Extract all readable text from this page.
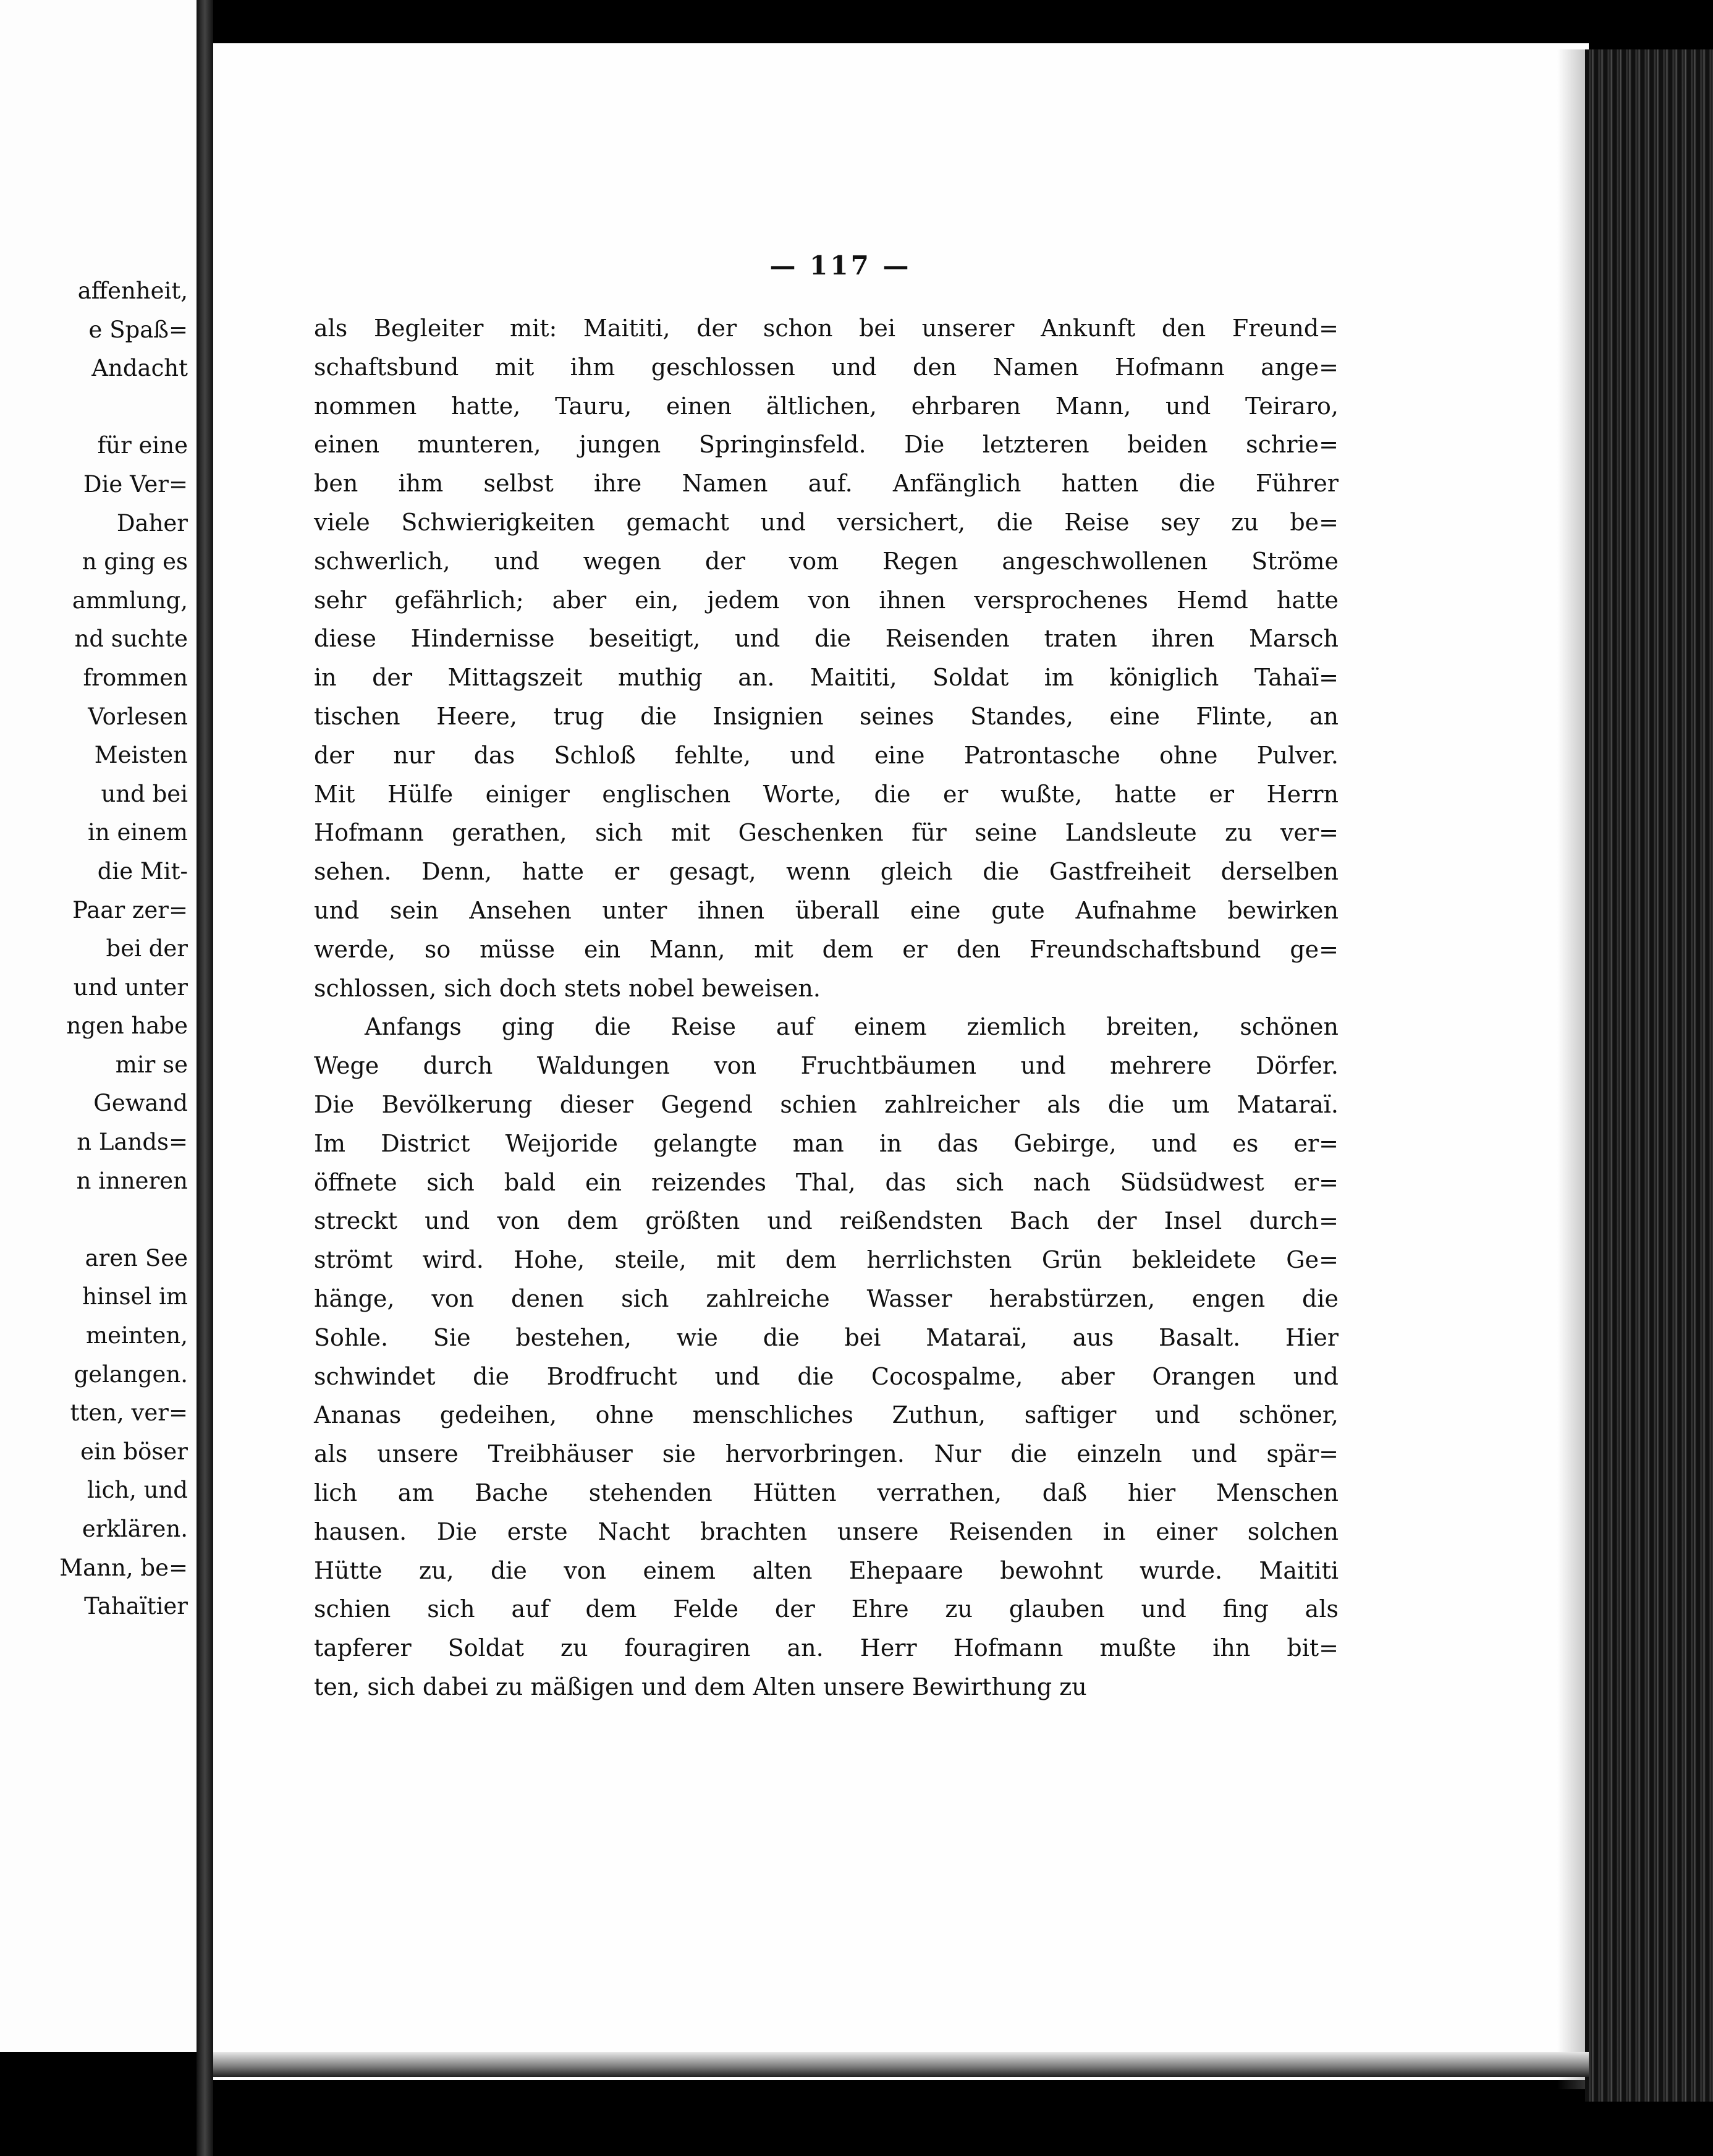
affenheit,
e Spaß=
Andacht
für eine
Die Ver=
Daher
n ging es
ammlung,
nd suchte
frommen
Vorlesen
Meisten
und bei
in einem
die Mit-
Paar zer=
bei der
und unter
ngen habe
mir se
Gewand
n Lands=
n inneren
aren See
hinsel im
meinten,
gelangen.
tten, ver=
ein böser
lich, und
erklären.
Mann, be=
Tahaïtier
— 117 —
als Begleiter mit: Maititi, der schon bei unserer Ankunft den Freund=
schaftsbund mit ihm geschlossen und den Namen Hofmann ange=
nommen hatte, Tauru, einen ältlichen, ehrbaren Mann, und Teiraro,
einen munteren, jungen Springinsfeld. Die letzteren beiden schrie=
ben ihm selbst ihre Namen auf. Anfänglich hatten die Führer
viele Schwierigkeiten gemacht und versichert, die Reise sey zu be=
schwerlich, und wegen der vom Regen angeschwollenen Ströme
sehr gefährlich; aber ein, jedem von ihnen versprochenes Hemd hatte
diese Hindernisse beseitigt, und die Reisenden traten ihren Marsch
in der Mittagszeit muthig an. Maititi, Soldat im königlich Tahaï=
tischen Heere, trug die Insignien seines Standes, eine Flinte, an
der nur das Schloß fehlte, und eine Patrontasche ohne Pulver.
Mit Hülfe einiger englischen Worte, die er wußte, hatte er Herrn
Hofmann gerathen, sich mit Geschenken für seine Landsleute zu ver=
sehen. Denn, hatte er gesagt, wenn gleich die Gastfreiheit derselben
und sein Ansehen unter ihnen überall eine gute Aufnahme bewirken
werde, so müsse ein Mann, mit dem er den Freundschaftsbund ge=
schlossen, sich doch stets nobel beweisen.
Anfangs ging die Reise auf einem ziemlich breiten, schönen
Wege durch Waldungen von Fruchtbäumen und mehrere Dörfer.
Die Bevölkerung dieser Gegend schien zahlreicher als die um Mataraï.
Im District Weijoride gelangte man in das Gebirge, und es er=
öffnete sich bald ein reizendes Thal, das sich nach Südsüdwest er=
streckt und von dem größten und reißendsten Bach der Insel durch=
strömt wird. Hohe, steile, mit dem herrlichsten Grün bekleidete Ge=
hänge, von denen sich zahlreiche Wasser herabstürzen, engen die
Sohle. Sie bestehen, wie die bei Mataraï, aus Basalt. Hier
schwindet die Brodfrucht und die Cocospalme, aber Orangen und
Ananas gedeihen, ohne menschliches Zuthun, saftiger und schöner,
als unsere Treibhäuser sie hervorbringen. Nur die einzeln und spär=
lich am Bache stehenden Hütten verrathen, daß hier Menschen
hausen. Die erste Nacht brachten unsere Reisenden in einer solchen
Hütte zu, die von einem alten Ehepaare bewohnt wurde. Maititi
schien sich auf dem Felde der Ehre zu glauben und fing als
tapferer Soldat zu fouragiren an. Herr Hofmann mußte ihn bit=
ten, sich dabei zu mäßigen und dem Alten unsere Bewirthung zu
